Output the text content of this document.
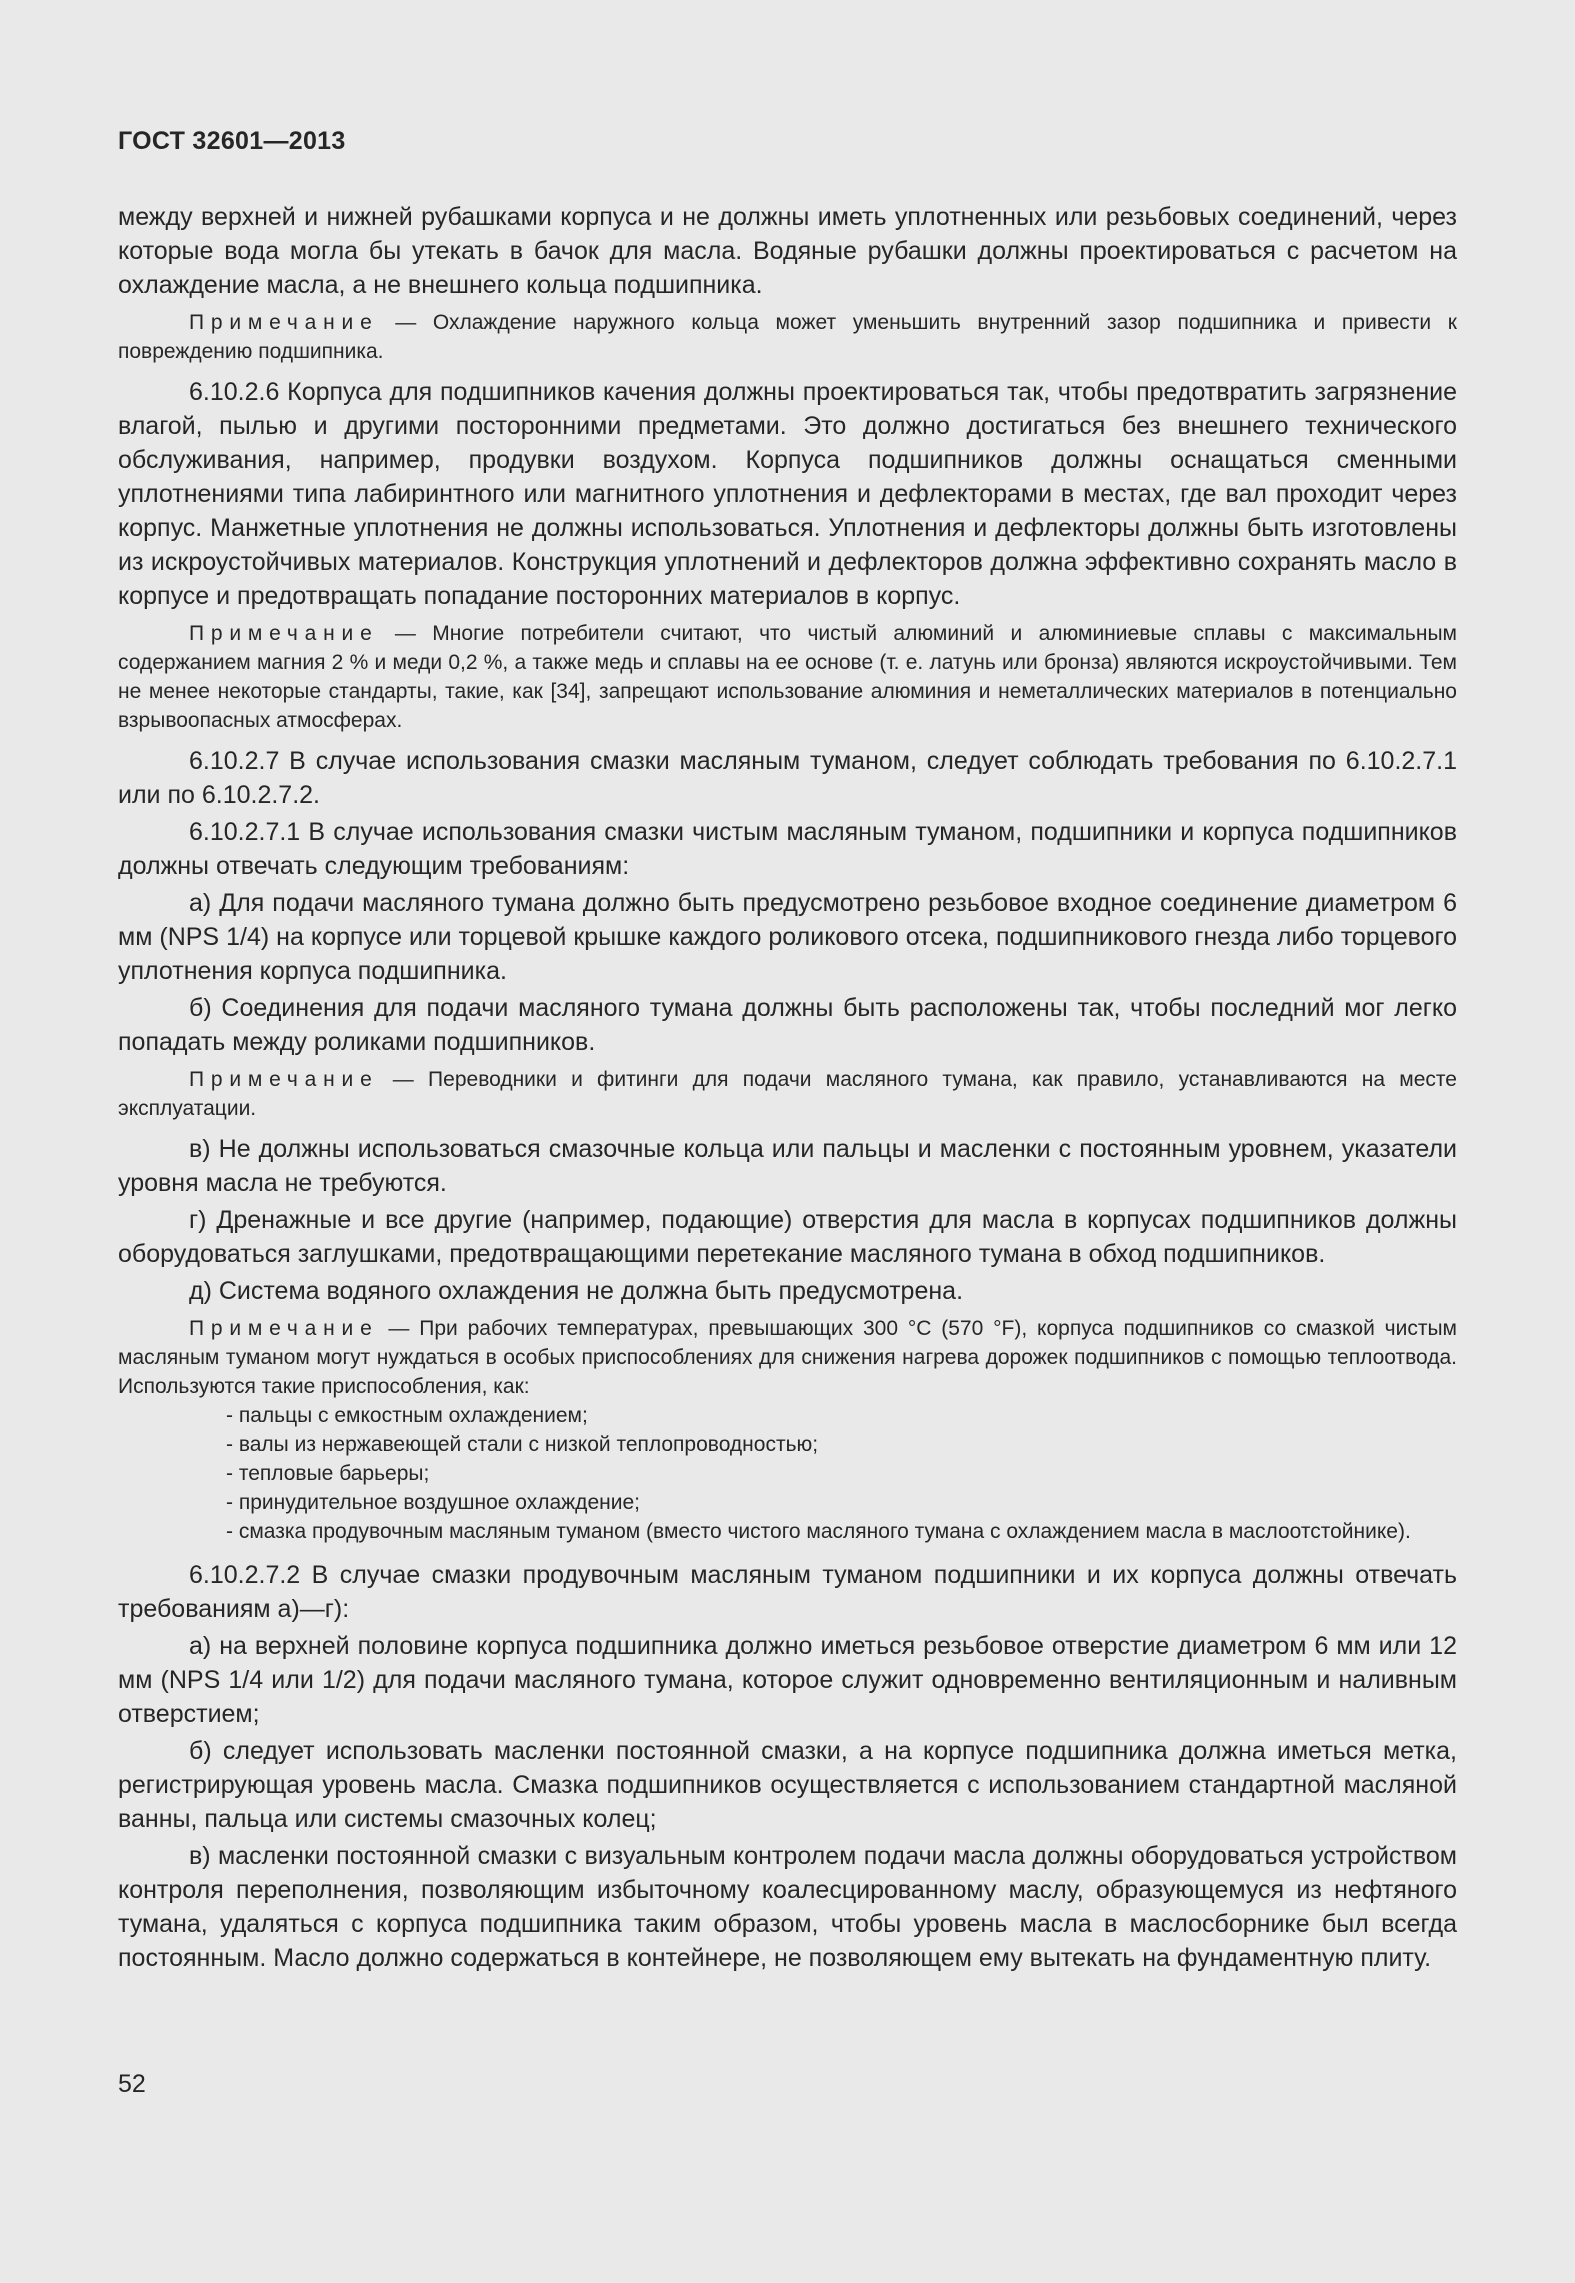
ГОСТ 32601—2013

между верхней и нижней рубашками корпуса и не должны иметь уплотненных или резьбовых соединений, через которые вода могла бы утекать в бачок для масла. Водяные рубашки должны проектироваться с расчетом на охлаждение масла, а не внешнего кольца подшипника.

Примечание — Охлаждение наружного кольца может уменьшить внутренний зазор подшипника и привести к повреждению подшипника.

6.10.2.6 Корпуса для подшипников качения должны проектироваться так, чтобы предотвратить загрязнение влагой, пылью и другими посторонними предметами. Это должно достигаться без внешнего технического обслуживания, например, продувки воздухом. Корпуса подшипников должны оснащаться сменными уплотнениями типа лабиринтного или магнитного уплотнения и дефлекторами в местах, где вал проходит через корпус. Манжетные уплотнения не должны использоваться. Уплотнения и дефлекторы должны быть изготовлены из искроустойчивых материалов. Конструкция уплотнений и дефлекторов должна эффективно сохранять масло в корпусе и предотвращать попадание посторонних материалов в корпус.

Примечание — Многие потребители считают, что чистый алюминий и алюминиевые сплавы с максимальным содержанием магния 2 % и меди 0,2 %, а также медь и сплавы на ее основе (т. е. латунь или бронза) являются искроустойчивыми. Тем не менее некоторые стандарты, такие, как [34], запрещают использование алюминия и неметаллических материалов в потенциально взрывоопасных атмосферах.

6.10.2.7 В случае использования смазки масляным туманом, следует соблюдать требования по 6.10.2.7.1 или по 6.10.2.7.2.

6.10.2.7.1 В случае использования смазки чистым масляным туманом, подшипники и корпуса подшипников должны отвечать следующим требованиям:

а) Для подачи масляного тумана должно быть предусмотрено резьбовое входное соединение диаметром 6 мм (NPS 1/4) на корпусе или торцевой крышке каждого роликового отсека, подшипникового гнезда либо торцевого уплотнения корпуса подшипника.

б) Соединения для подачи масляного тумана должны быть расположены так, чтобы последний мог легко попадать между роликами подшипников.

Примечание — Переводники и фитинги для подачи масляного тумана, как правило, устанавливаются на месте эксплуатации.

в) Не должны использоваться смазочные кольца или пальцы и масленки с постоянным уровнем, указатели уровня масла не требуются.

г) Дренажные и все другие (например, подающие) отверстия для масла в корпусах подшипников должны оборудоваться заглушками, предотвращающими перетекание масляного тумана в обход подшипников.

д) Система водяного охлаждения не должна быть предусмотрена.

Примечание — При рабочих температурах, превышающих 300 °С (570 °F), корпуса подшипников со смазкой чистым масляным туманом могут нуждаться в особых приспособлениях для снижения нагрева дорожек подшипников с помощью теплоотвода. Используются такие приспособления, как:

- пальцы с емкостным охлаждением;
- валы из нержавеющей стали с низкой теплопроводностью;
- тепловые барьеры;
- принудительное воздушное охлаждение;
- смазка продувочным масляным туманом (вместо чистого масляного тумана с охлаждением масла в маслоотстойнике).

6.10.2.7.2 В случае смазки продувочным масляным туманом подшипники и их корпуса должны отвечать требованиям а)—г):

а) на верхней половине корпуса подшипника должно иметься резьбовое отверстие диаметром 6 мм или 12 мм (NPS 1/4 или 1/2) для подачи масляного тумана, которое служит одновременно вентиляционным и наливным отверстием;

б) следует использовать масленки постоянной смазки, а на корпусе подшипника должна иметься метка, регистрирующая уровень масла. Смазка подшипников осуществляется с использованием стандартной масляной ванны, пальца или системы смазочных колец;

в) масленки постоянной смазки с визуальным контролем подачи масла должны оборудоваться устройством контроля переполнения, позволяющим избыточному коалесцированному маслу, образующемуся из нефтяного тумана, удаляться с корпуса подшипника таким образом, чтобы уровень масла в маслосборнике был всегда постоянным. Масло должно содержаться в контейнере, не позволяющем ему вытекать на фундаментную плиту.

52
